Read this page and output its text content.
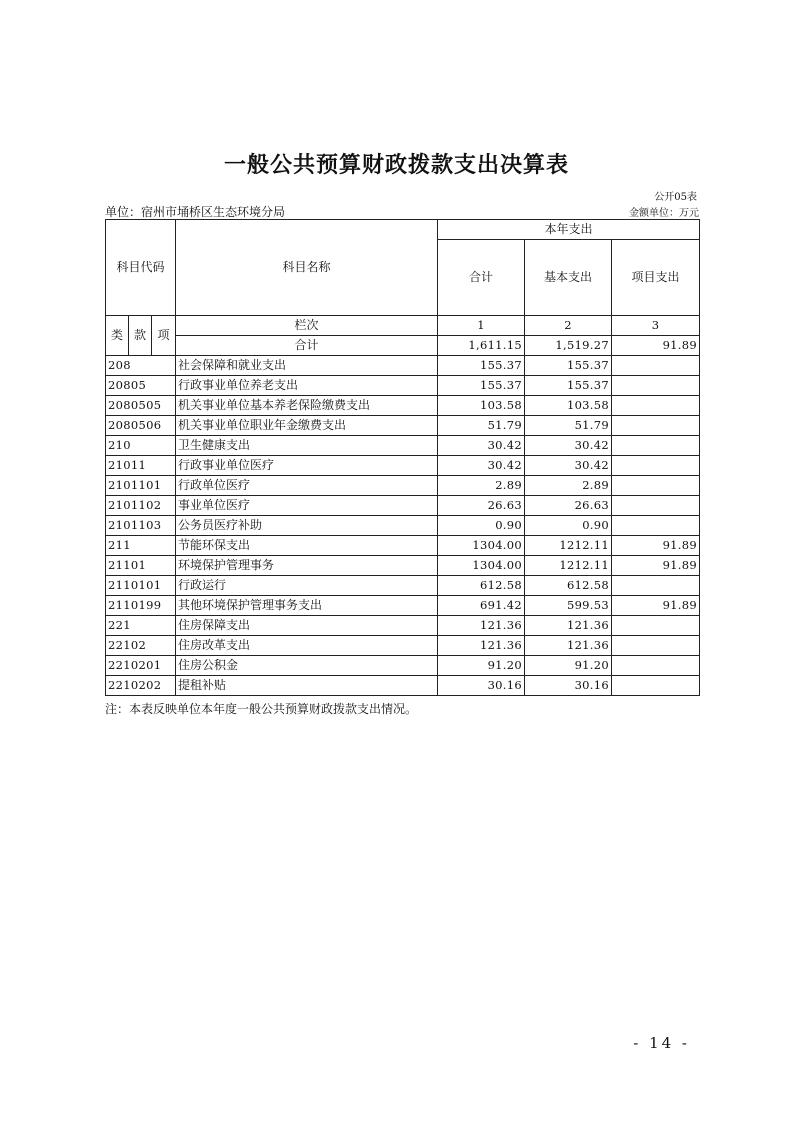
一般公共预算财政拨款支出决算表
公开05表
单位：宿州市埇桥区生态环境分局	金额单位：万元
科目代码			科目名称	本年支出		
				合计	基本支出	项目支出

类	款	项	栏次	1	2	3
			合计	1,611.15	1,519.27	91.89
208			社会保障和就业支出	155.37	155.37	
20805			行政事业单位养老支出	155.37	155.37	
2080505			机关事业单位基本养老保险缴费支出	103.58	103.58	
2080506			机关事业单位职业年金缴费支出	51.79	51.79	
210			卫生健康支出	30.42	30.42	
21011			行政事业单位医疗	30.42	30.42	
2101101			行政单位医疗	2.89	2.89	
2101102			事业单位医疗	26.63	26.63	
2101103			公务员医疗补助	0.90	0.90	
211			节能环保支出	1304.00	1212.11	91.89
21101			环境保护管理事务	1304.00	1212.11	91.89
2110101			行政运行	612.58	612.58	
2110199			其他环境保护管理事务支出	691.42	599.53	91.89
221			住房保障支出	121.36	121.36	
22102			住房改革支出	121.36	121.36	
2210201			住房公积金	91.20	91.20	
2210202			提租补贴	30.16	30.16	
注：本表反映单位本年度一般公共预算财政拨款支出情况。
- 14 -
